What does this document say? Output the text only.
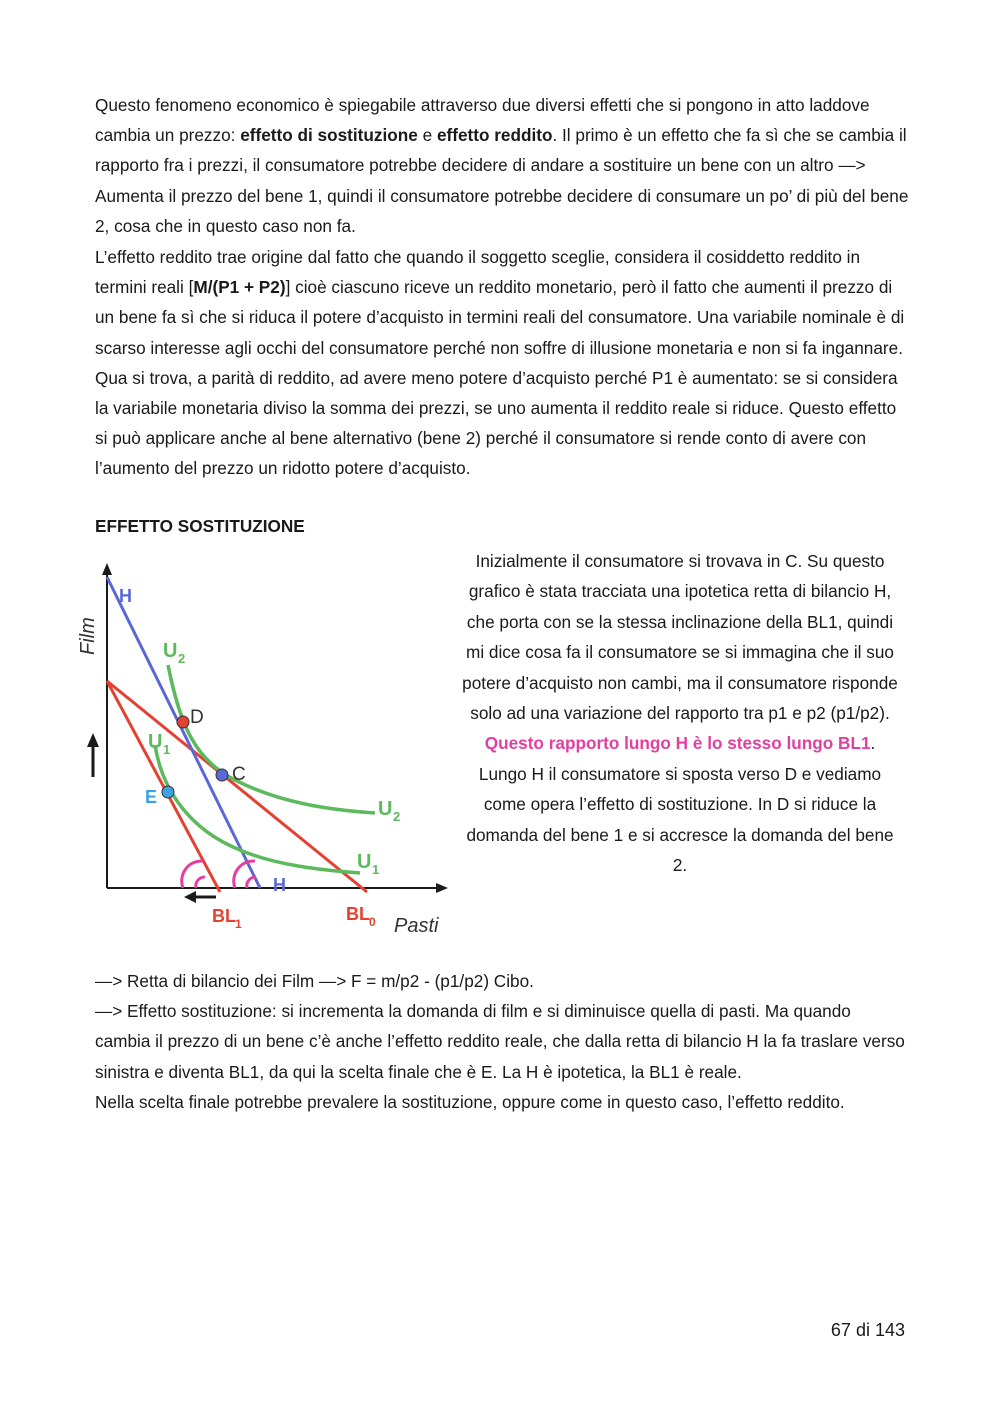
Questo fenomeno economico è spiegabile attraverso due diversi effetti che si pongono in atto laddove cambia un prezzo: effetto di sostituzione e effetto reddito. Il primo è un effetto che fa sì che se cambia il rapporto fra i prezzi, il consumatore potrebbe decidere di andare a sostituire un bene con un altro —> Aumenta il prezzo del bene 1, quindi il consumatore potrebbe decidere di consumare un po’ di più del bene 2, cosa che in questo caso non fa.
L’effetto reddito trae origine dal fatto che quando il soggetto sceglie, considera il cosiddetto reddito in termini reali [M/(P1 + P2)] cioè ciascuno riceve un reddito monetario, però il fatto che aumenti il prezzo di un bene fa sì che si riduca il potere d’acquisto in termini reali del consumatore. Una variabile nominale è di scarso interesse agli occhi del consumatore perché non soffre di illusione monetaria e non si fa ingannare. Qua si trova, a parità di reddito, ad avere meno potere d’acquisto perché P1 è aumentato: se si considera la variabile monetaria diviso la somma dei prezzi, se uno aumenta il reddito reale si riduce. Questo effetto si può applicare anche al bene alternativo (bene 2) perché il consumatore si rende conto di avere con l’aumento del prezzo un ridotto potere d’acquisto.
EFFETTO SOSTITUZIONE
Film
Pasti
H
H
U 2
U 1
U 2
U 1
D
C
E
BL 1	BL 0
Inizialmente il consumatore si trovava in C. Su questo grafico è stata tracciata una ipotetica retta di bilancio H, che porta con se la stessa inclinazione della BL1, quindi mi dice cosa fa il consumatore se si immagina che il suo potere d’acquisto non cambi, ma il consumatore risponde solo ad una variazione del rapporto tra p1 e p2 (p1/p2). Questo rapporto lungo H è lo stesso lungo BL1.
Lungo H il consumatore si sposta verso D e vediamo come opera l’effetto di sostituzione. In D si riduce la domanda del bene 1 e si accresce la domanda del bene 2.
—> Retta di bilancio dei Film —> F = m/p2 - (p1/p2) Cibo.
—> Effetto sostituzione: si incrementa la domanda di film e si diminuisce quella di pasti. Ma quando cambia il prezzo di un bene c’è anche l’effetto reddito reale, che dalla retta di bilancio H la fa traslare verso sinistra e diventa BL1, da qui la scelta finale che è E. La H è ipotetica, la BL1 è reale.
Nella scelta finale potrebbe prevalere la sostituzione, oppure come in questo caso, l’effetto reddito.
67 di 143
